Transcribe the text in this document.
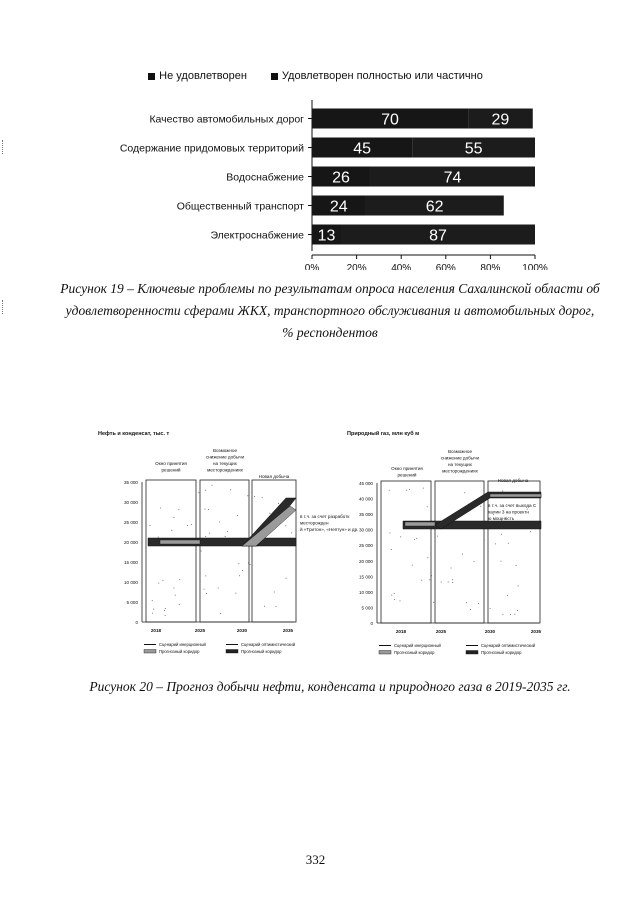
Не удовлетворен	Удовлетворен полностью или частично
Качество автомобильных дорог	70	29
Содержание придомовых территорий	45	55
Водоснабжение 26	74
Общественный транспорт 24	62
Электроснабжение 13	87
0%	20% 40% 60% 80% 100%
Рисунок 19 – Ключевые проблемы по результатам опроса населения Сахалинской области об удовлетворенности сферами ЖКХ, транспортного обслуживания и автомобильных дорог, % респондентов
Нефть и конденсат, тыс. т
35 000
30 000
25 000
20 000
15 000
10 000
5 000
0
Окно принятия
решений
Возможное
снижение добычи
на текущих
месторождениях
Новая добыча
в т.ч. за счет разработк
месторожден
й «Тритон», «Нептун» и др.
2018	2025	2030	2035
Сценарий инерционный	Сценарий оптимистический
Прогнозный коридор	Прогнозный коридор
Природный газ, млн куб м
45 000
40 000
35 000
30 000
25 000
20 000
15 000
10 000
5 000
0
Окно принятия
решений
Возможное
снижение добычи
на текущих
месторождениях
Новая добыча
в т.ч. за счет выхода С
халин 3 на проектн
ю мощность
2018	2025	2030	2035
Сценарий инерционный	Сценарий оптимистический
Прогнозный коридор	Прогнозный коридор
Рисунок 20 – Прогноз добычи нефти, конденсата и природного газа в 2019-2035 гг.
332
